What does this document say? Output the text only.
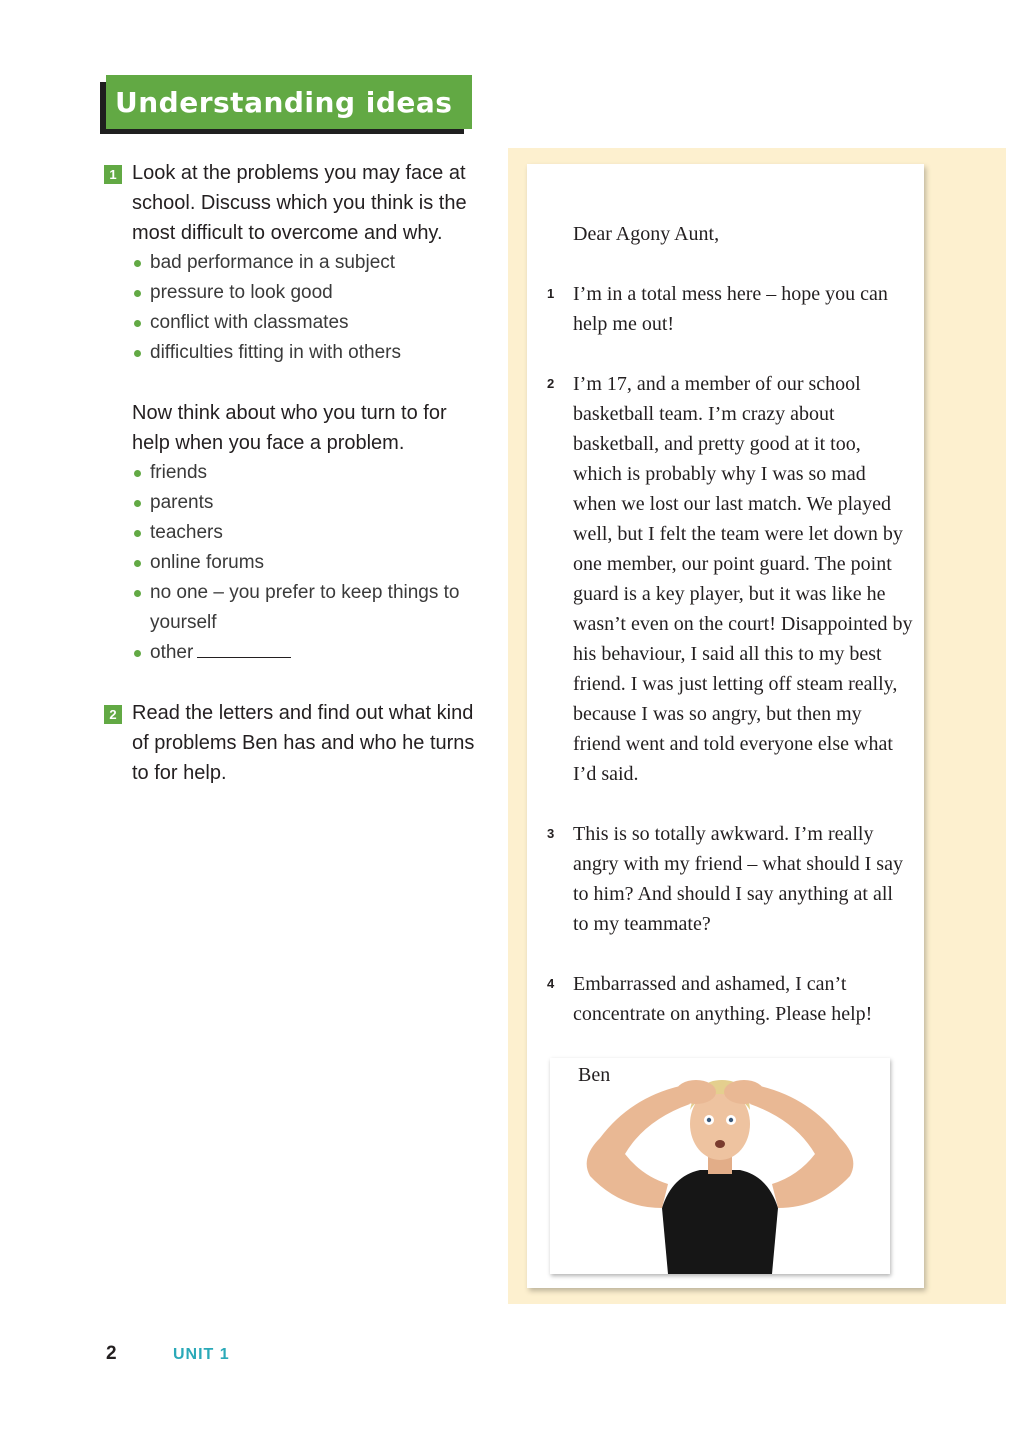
Understanding ideas
1 Look at the problems you may face at school. Discuss which you think is the most difficult to overcome and why.
bad performance in a subject
pressure to look good
conflict with classmates
difficulties fitting in with others
Now think about who you turn to for help when you face a problem.
friends
parents
teachers
online forums
no one – you prefer to keep things to yourself
other
2 Read the letters and find out what kind of problems Ben has and who he turns to for help.

Dear Agony Aunt,

1 I’m in a total mess here – hope you can help me out!
2 I’m 17, and a member of our school basketball team. I’m crazy about basketball, and pretty good at it too, which is probably why I was so mad when we lost our last match. We played well, but I felt the team were let down by one member, our point guard. The point guard is a key player, but it was like he wasn’t even on the court! Disappointed by his behaviour, I said all this to my best friend. I was just letting off steam really, because I was so angry, but then my friend went and told everyone else what I’d said.
3 This is so totally awkward. I’m really angry with my friend – what should I say to him? And should I say anything at all to my teammate?
4 Embarrassed and ashamed, I can’t concentrate on anything. Please help!
Ben
2	UNIT 1
